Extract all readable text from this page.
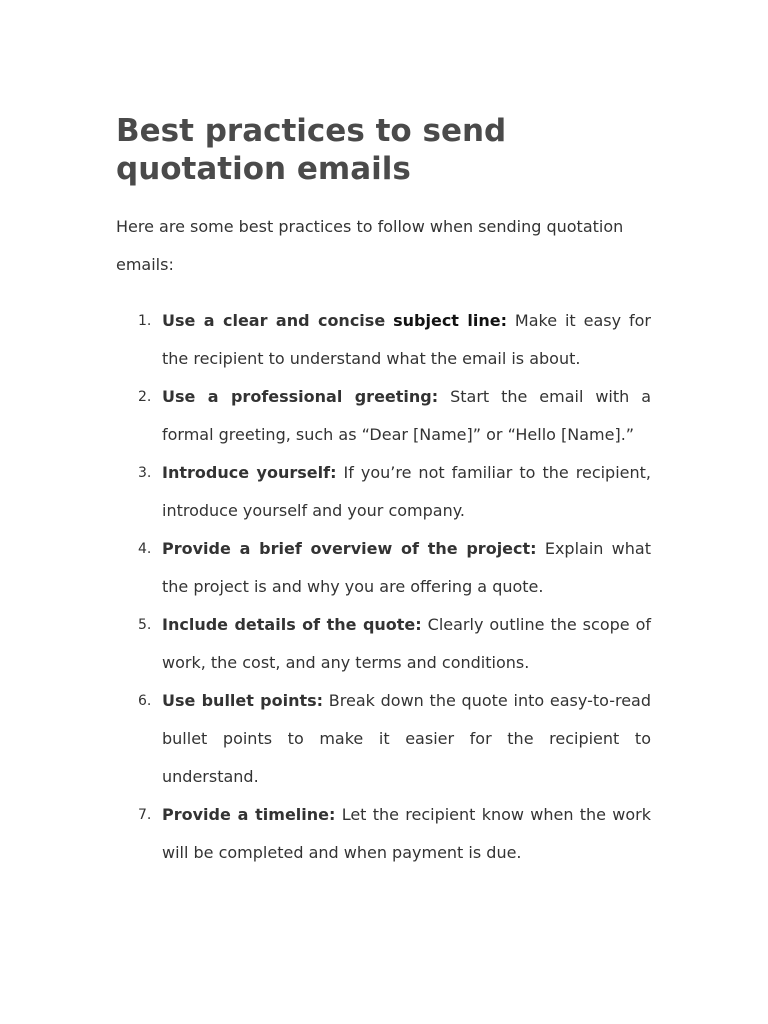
Best practices to send quotation emails

Here are some best practices to follow when sending quotation emails:

1. Use a clear and concise subject line: Make it easy for the recipient to understand what the email is about.
2. Use a professional greeting: Start the email with a formal greeting, such as “Dear [Name]” or “Hello [Name].”
3. Introduce yourself: If you’re not familiar to the recipient, introduce yourself and your company.
4. Provide a brief overview of the project: Explain what the project is and why you are offering a quote.
5. Include details of the quote: Clearly outline the scope of work, the cost, and any terms and conditions.
6. Use bullet points: Break down the quote into easy-to-read bullet points to make it easier for the recipient to understand.
7. Provide a timeline: Let the recipient know when the work will be completed and when payment is due.
